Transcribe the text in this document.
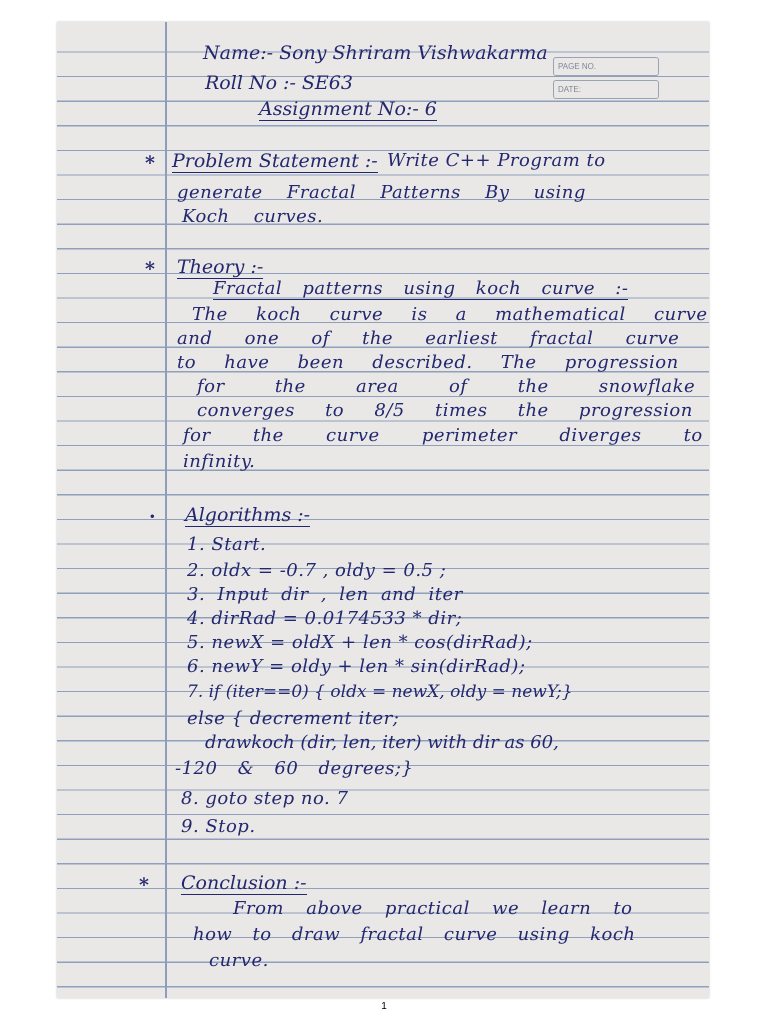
PAGE NO.
DATE:
Name:- Sony Shriram Vishwakarma
Roll No :- SE63
Assignment No:- 6
* Problem Statement :- Write C++ Program to
generate Fractal Patterns By using
Koch curves.
* Theory :-
Fractal patterns using koch curve :-
The koch curve is a mathematical curve
and one of the earliest fractal curve
to have been described. The progression
for the area of the snowflake
converges to 8/5 times the progression
for the curve perimeter diverges to
infinity.
· Algorithms :-
1. Start.
2. oldx = -0.7 , oldy = 0.5 ;
3. Input dir , len and iter
4. dirRad = 0.0174533 * dir;
5. newX = oldX + len * cos(dirRad);
6. newY = oldy + len * sin(dirRad);
7. if (iter==0) { oldx = newX, oldy = newY;}
else { decrement iter;
drawkoch (dir, len, iter) with dir as 60,
-120 & 60 degrees;}
8. goto step no. 7
9. Stop.
* Conclusion :-
From above practical we learn to
how to draw fractal curve using koch
curve.
1
